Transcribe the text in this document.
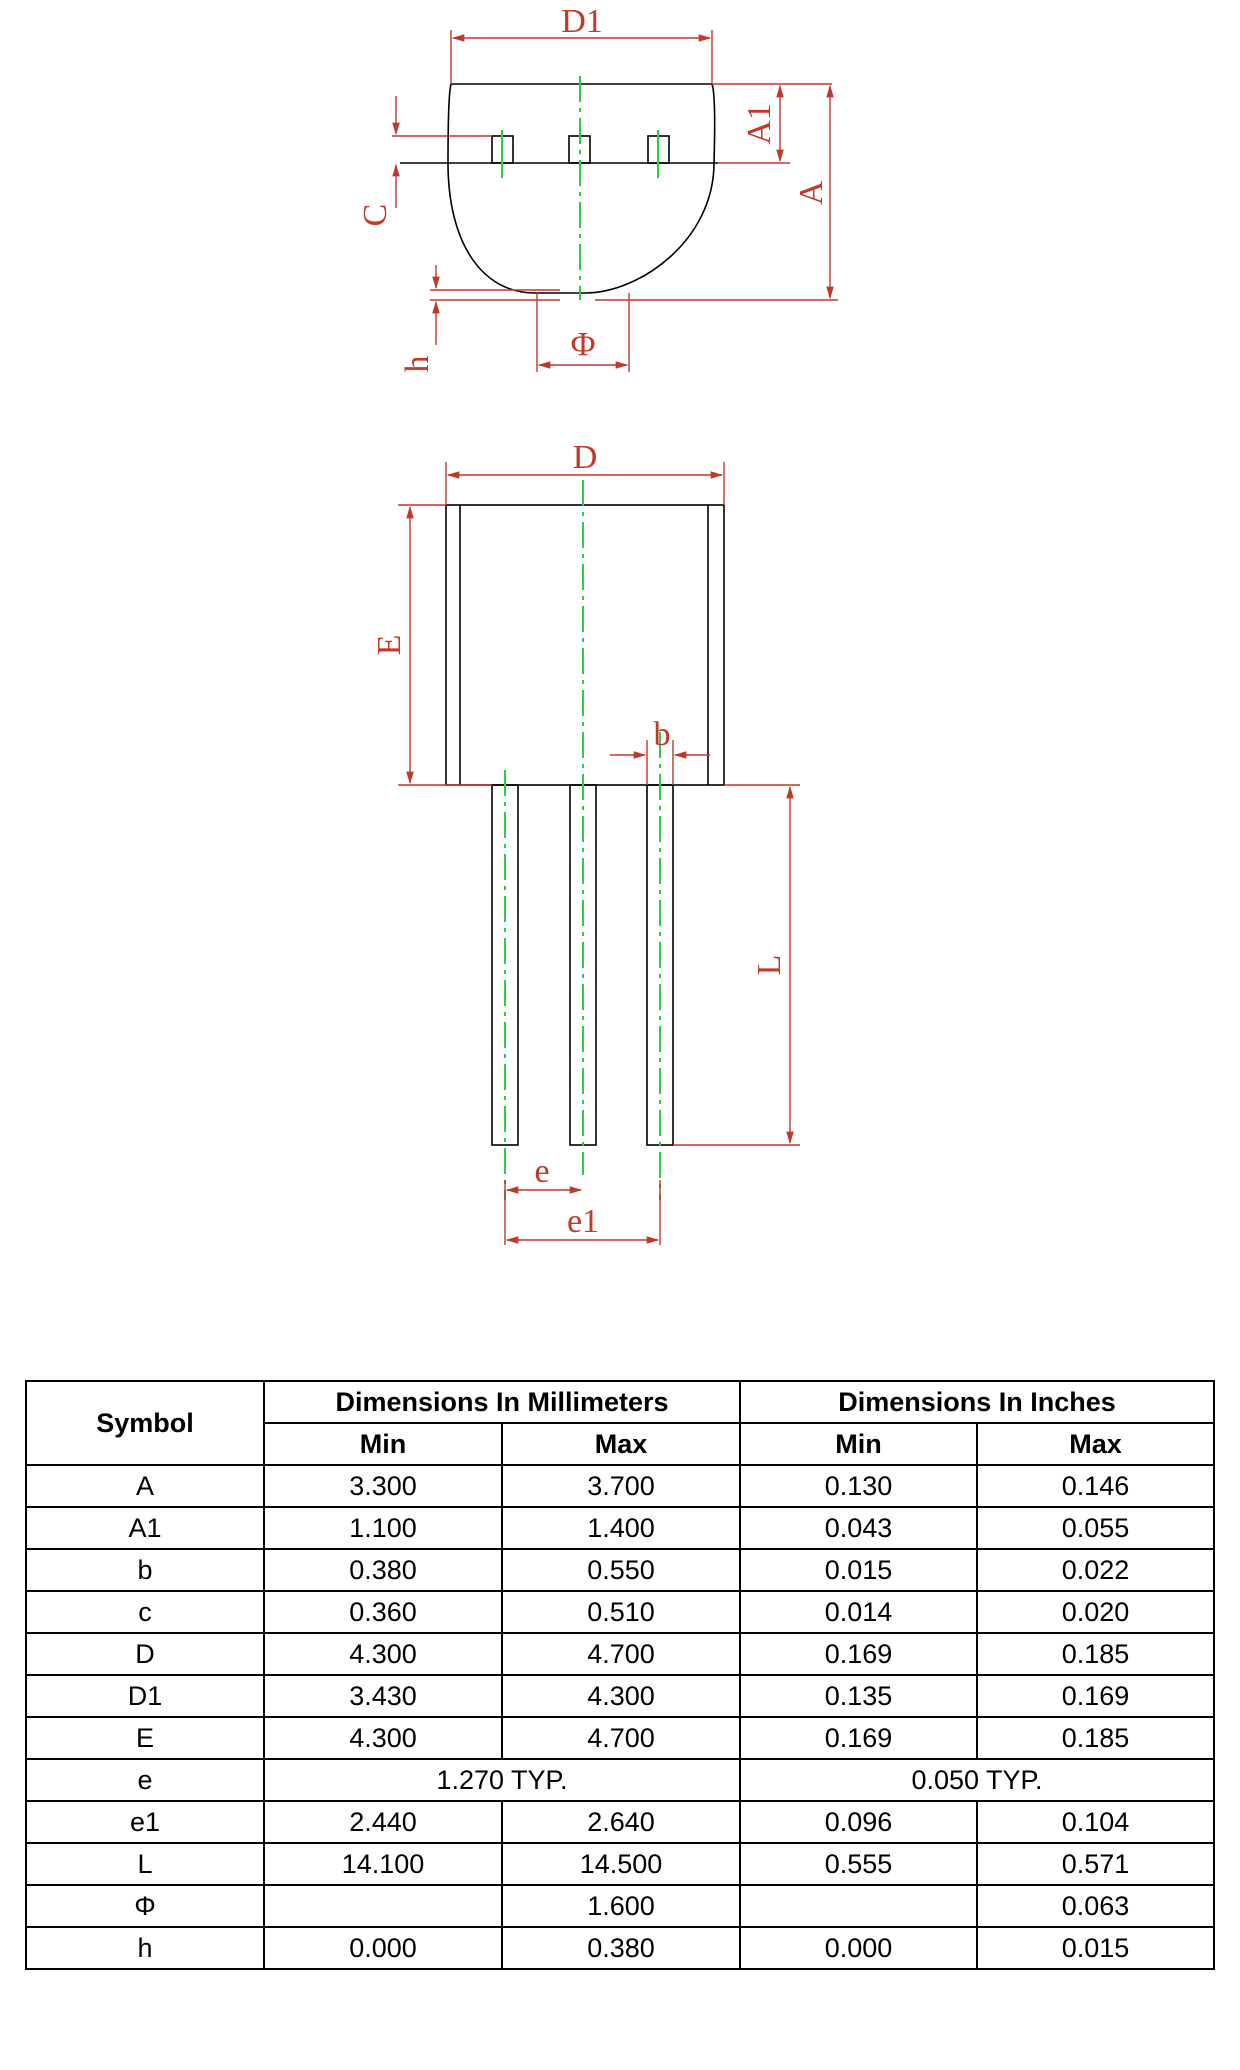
D1
A1
A
C
h
Φ
D
E
b
L
e
e1
Symbol	Dimensions In Millimeters		Dimensions In Inches	
	Min	Max	Min	Max
A	3.300	3.700	0.130	0.146
A1	1.100	1.400	0.043	0.055
b	0.380	0.550	0.015	0.022
c	0.360	0.510	0.014	0.020
D	4.300	4.700	0.169	0.185
D1	3.430	4.300	0.135	0.169
E	4.300	4.700	0.169	0.185
e	1.270 TYP.		0.050 TYP.	
e1	2.440	2.640	0.096	0.104
L	14.100	14.500	0.555	0.571
Φ		1.600		0.063
h	0.000	0.380	0.000	0.015
